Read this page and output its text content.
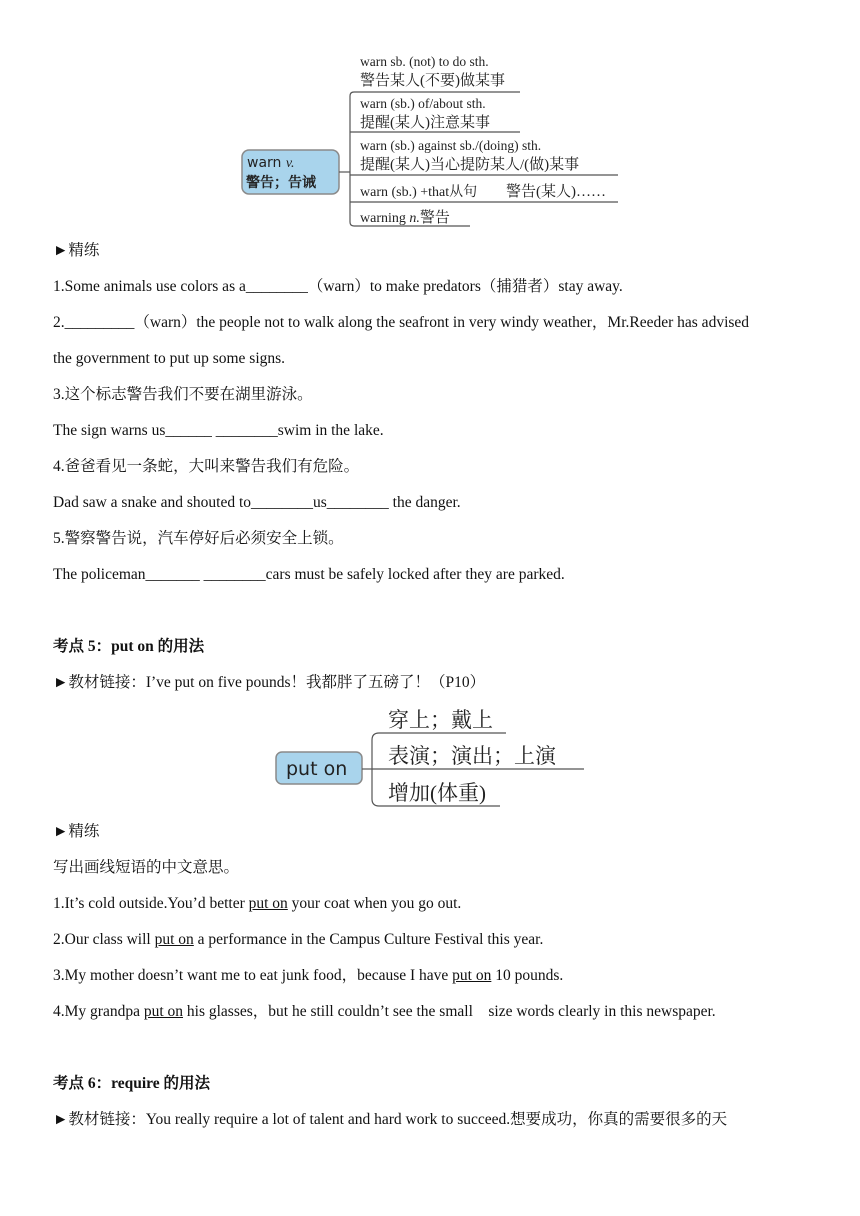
warn v.
警告；告诫
warn sb. (not) to do sth.
警告某人(不要)做某事
warn (sb.) of/about sth.
提醒(某人)注意某事
warn (sb.) against sb./(doing) sth.
提醒(某人)当心提防某人/(做)某事
warn (sb.) +that从句 警告(某人)……
warning n.警告
►精练
1.Some animals use colors as a________（warn）to make predators（捕猎者）stay away.
2._________（warn）the people not to walk along the seafront in very windy weather，Mr.Reeder has advised
the government to put up some signs.
3.这个标志警告我们不要在湖里游泳。
The sign warns us______ ________swim in the lake.
4.爸爸看见一条蛇，大叫来警告我们有危险。
Dad saw a snake and shouted to________us________ the danger.
5.警察警告说，汽车停好后必须安全上锁。
The policeman_______ ________cars must be safely locked after they are parked.
考点 5：put on 的用法
►教材链接：I’ve put on five pounds！我都胖了五磅了！（P10）
put on
穿上；戴上
表演；演出；上演
增加(体重)
►精练
写出画线短语的中文意思。
1.It’s cold outside.You’d better put on your coat when you go out.
2.Our class will put on a performance in the Campus Culture Festival this year.
3.My mother doesn’t want me to eat junk food，because I have put on 10 pounds.
4.My grandpa put on his glasses，but he still couldn’t see the small    size words clearly in this newspaper.
考点 6：require 的用法
►教材链接：You really require a lot of talent and hard work to succeed.想要成功，你真的需要很多的天
